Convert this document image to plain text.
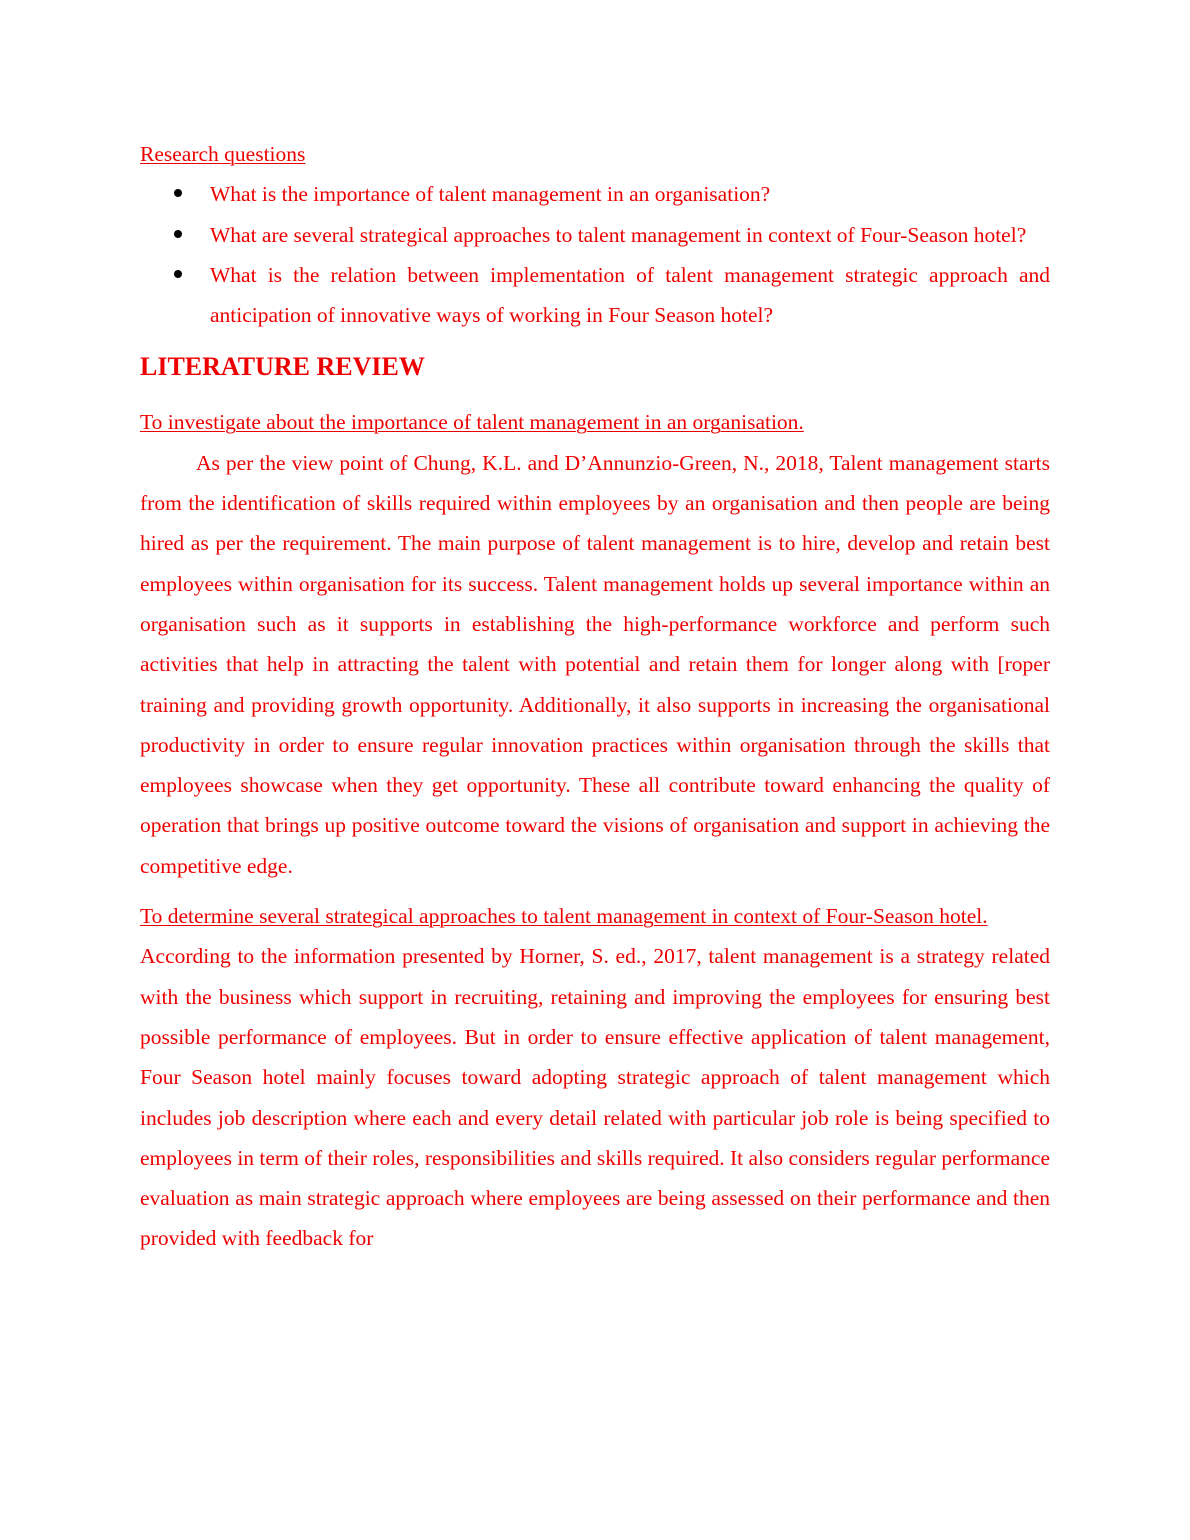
Research questions

What is the importance of talent management in an organisation?
What are several strategical approaches to talent management in context of Four-Season hotel?
What is the relation between implementation of talent management strategic approach and anticipation of innovative ways of working in Four Season hotel?
LITERATURE REVIEW

To investigate about the importance of talent management in an organisation.

As per the view point of Chung, K.L. and D’Annunzio-Green, N., 2018, Talent management starts from the identification of skills required within employees by an organisation and then people are being hired as per the requirement. The main purpose of talent management is to hire, develop and retain best employees within organisation for its success. Talent management holds up several importance within an organisation such as it supports in establishing the high-performance workforce and perform such activities that help in attracting the talent with potential and retain them for longer along with [roper training and providing growth opportunity. Additionally, it also supports in increasing the organisational productivity in order to ensure regular innovation practices within organisation through the skills that employees showcase when they get opportunity. These all contribute toward enhancing the quality of operation that brings up positive outcome toward the visions of organisation and support in achieving the competitive edge.

To determine several strategical approaches to talent management in context of Four-Season hotel.

According to the information presented by Horner, S. ed., 2017, talent management is a strategy related with the business which support in recruiting, retaining and improving the employees for ensuring best possible performance of employees. But in order to ensure effective application of talent management, Four Season hotel mainly focuses toward adopting strategic approach of talent management which includes job description where each and every detail related with particular job role is being specified to employees in term of their roles, responsibilities and skills required. It also considers regular performance evaluation as main strategic approach where employees are being assessed on their performance and then provided with feedback for
